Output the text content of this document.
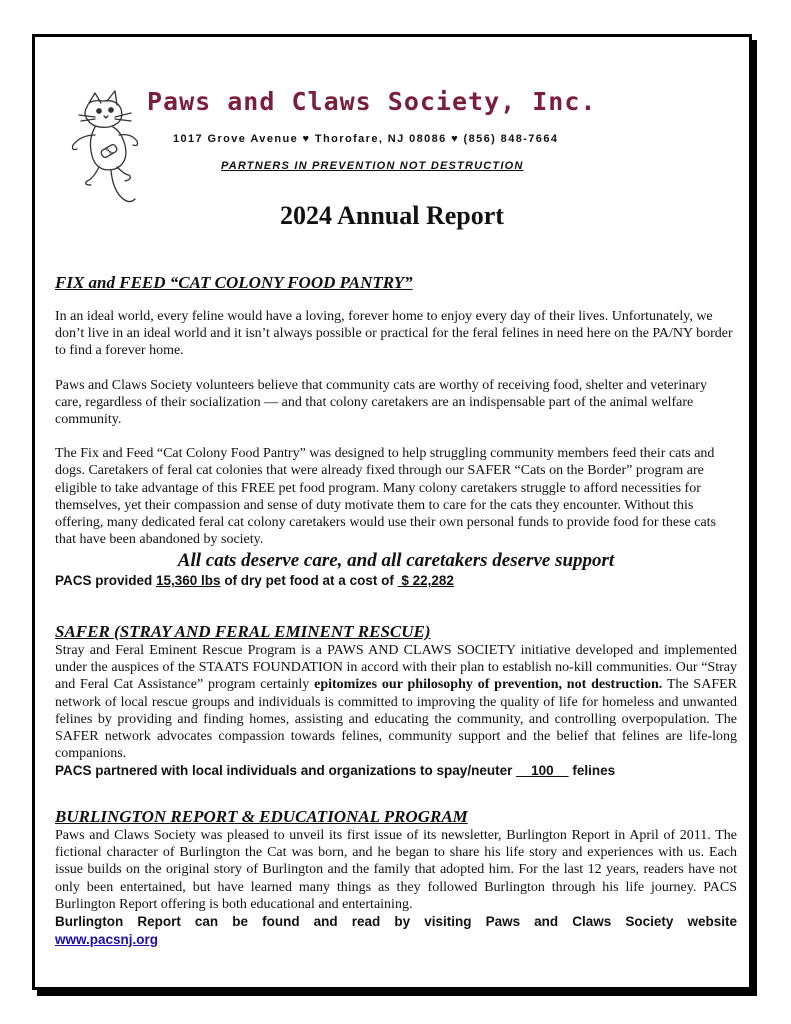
Paws and Claws Society, Inc.
1017 Grove Avenue ♥ Thorofare, NJ 08086 ♥ (856) 848-7664
PARTNERS IN PREVENTION NOT DESTRUCTION
2024 Annual Report
FIX and FEED “CAT COLONY FOOD PANTRY”

In an ideal world, every feline would have a loving, forever home to enjoy every day of their lives. Unfortunately, we don’t live in an ideal world and it isn’t always possible or practical for the feral felines in need here on the PA/NY border to find a forever home.

Paws and Claws Society volunteers believe that community cats are worthy of receiving food, shelter and veterinary care, regardless of their socialization — and that colony caretakers are an indispensable part of the animal welfare community.

The Fix and Feed “Cat Colony Food Pantry” was designed to help struggling community members feed their cats and dogs. Caretakers of feral cat colonies that were already fixed through our SAFER “Cats on the Border” program are eligible to take advantage of this FREE pet food program. Many colony caretakers struggle to afford necessities for themselves, yet their compassion and sense of duty motivate them to care for the cats they encounter. Without this offering, many dedicated feral cat colony caretakers would use their own personal funds to provide food for these cats that have been abandoned by society.

All cats deserve care, and all caretakers deserve support
PACS provided 15,360 lbs of dry pet food at a cost of  $ 22,282
SAFER (STRAY AND FERAL EMINENT RESCUE)

Stray and Feral Eminent Rescue Program is a PAWS AND CLAWS SOCIETY initiative developed and implemented under the auspices of the STAATS FOUNDATION in accord with their plan to establish no-kill communities. Our “Stray and Feral Cat Assistance” program certainly epitomizes our philosophy of prevention, not destruction. The SAFER network of local rescue groups and individuals is committed to improving the quality of life for homeless and unwanted felines by providing and finding homes, assisting and educating the community, and controlling overpopulation. The SAFER network advocates compassion towards felines, community support and the belief that felines are life-long companions.

PACS partnered with local individuals and organizations to spay/neuter     100     felines
BURLINGTON REPORT & EDUCATIONAL PROGRAM

Paws and Claws Society was pleased to unveil its first issue of its newsletter, Burlington Report in April of 2011. The fictional character of Burlington the Cat was born, and he began to share his life story and experiences with us. Each issue builds on the original story of Burlington and the family that adopted him. For the last 12 years, readers have not only been entertained, but have learned many things as they followed Burlington through his life journey. PACS Burlington Report offering is both educational and entertaining.

Burlington Report can be found and read by visiting Paws and Claws Society website
www.pacsnj.org
